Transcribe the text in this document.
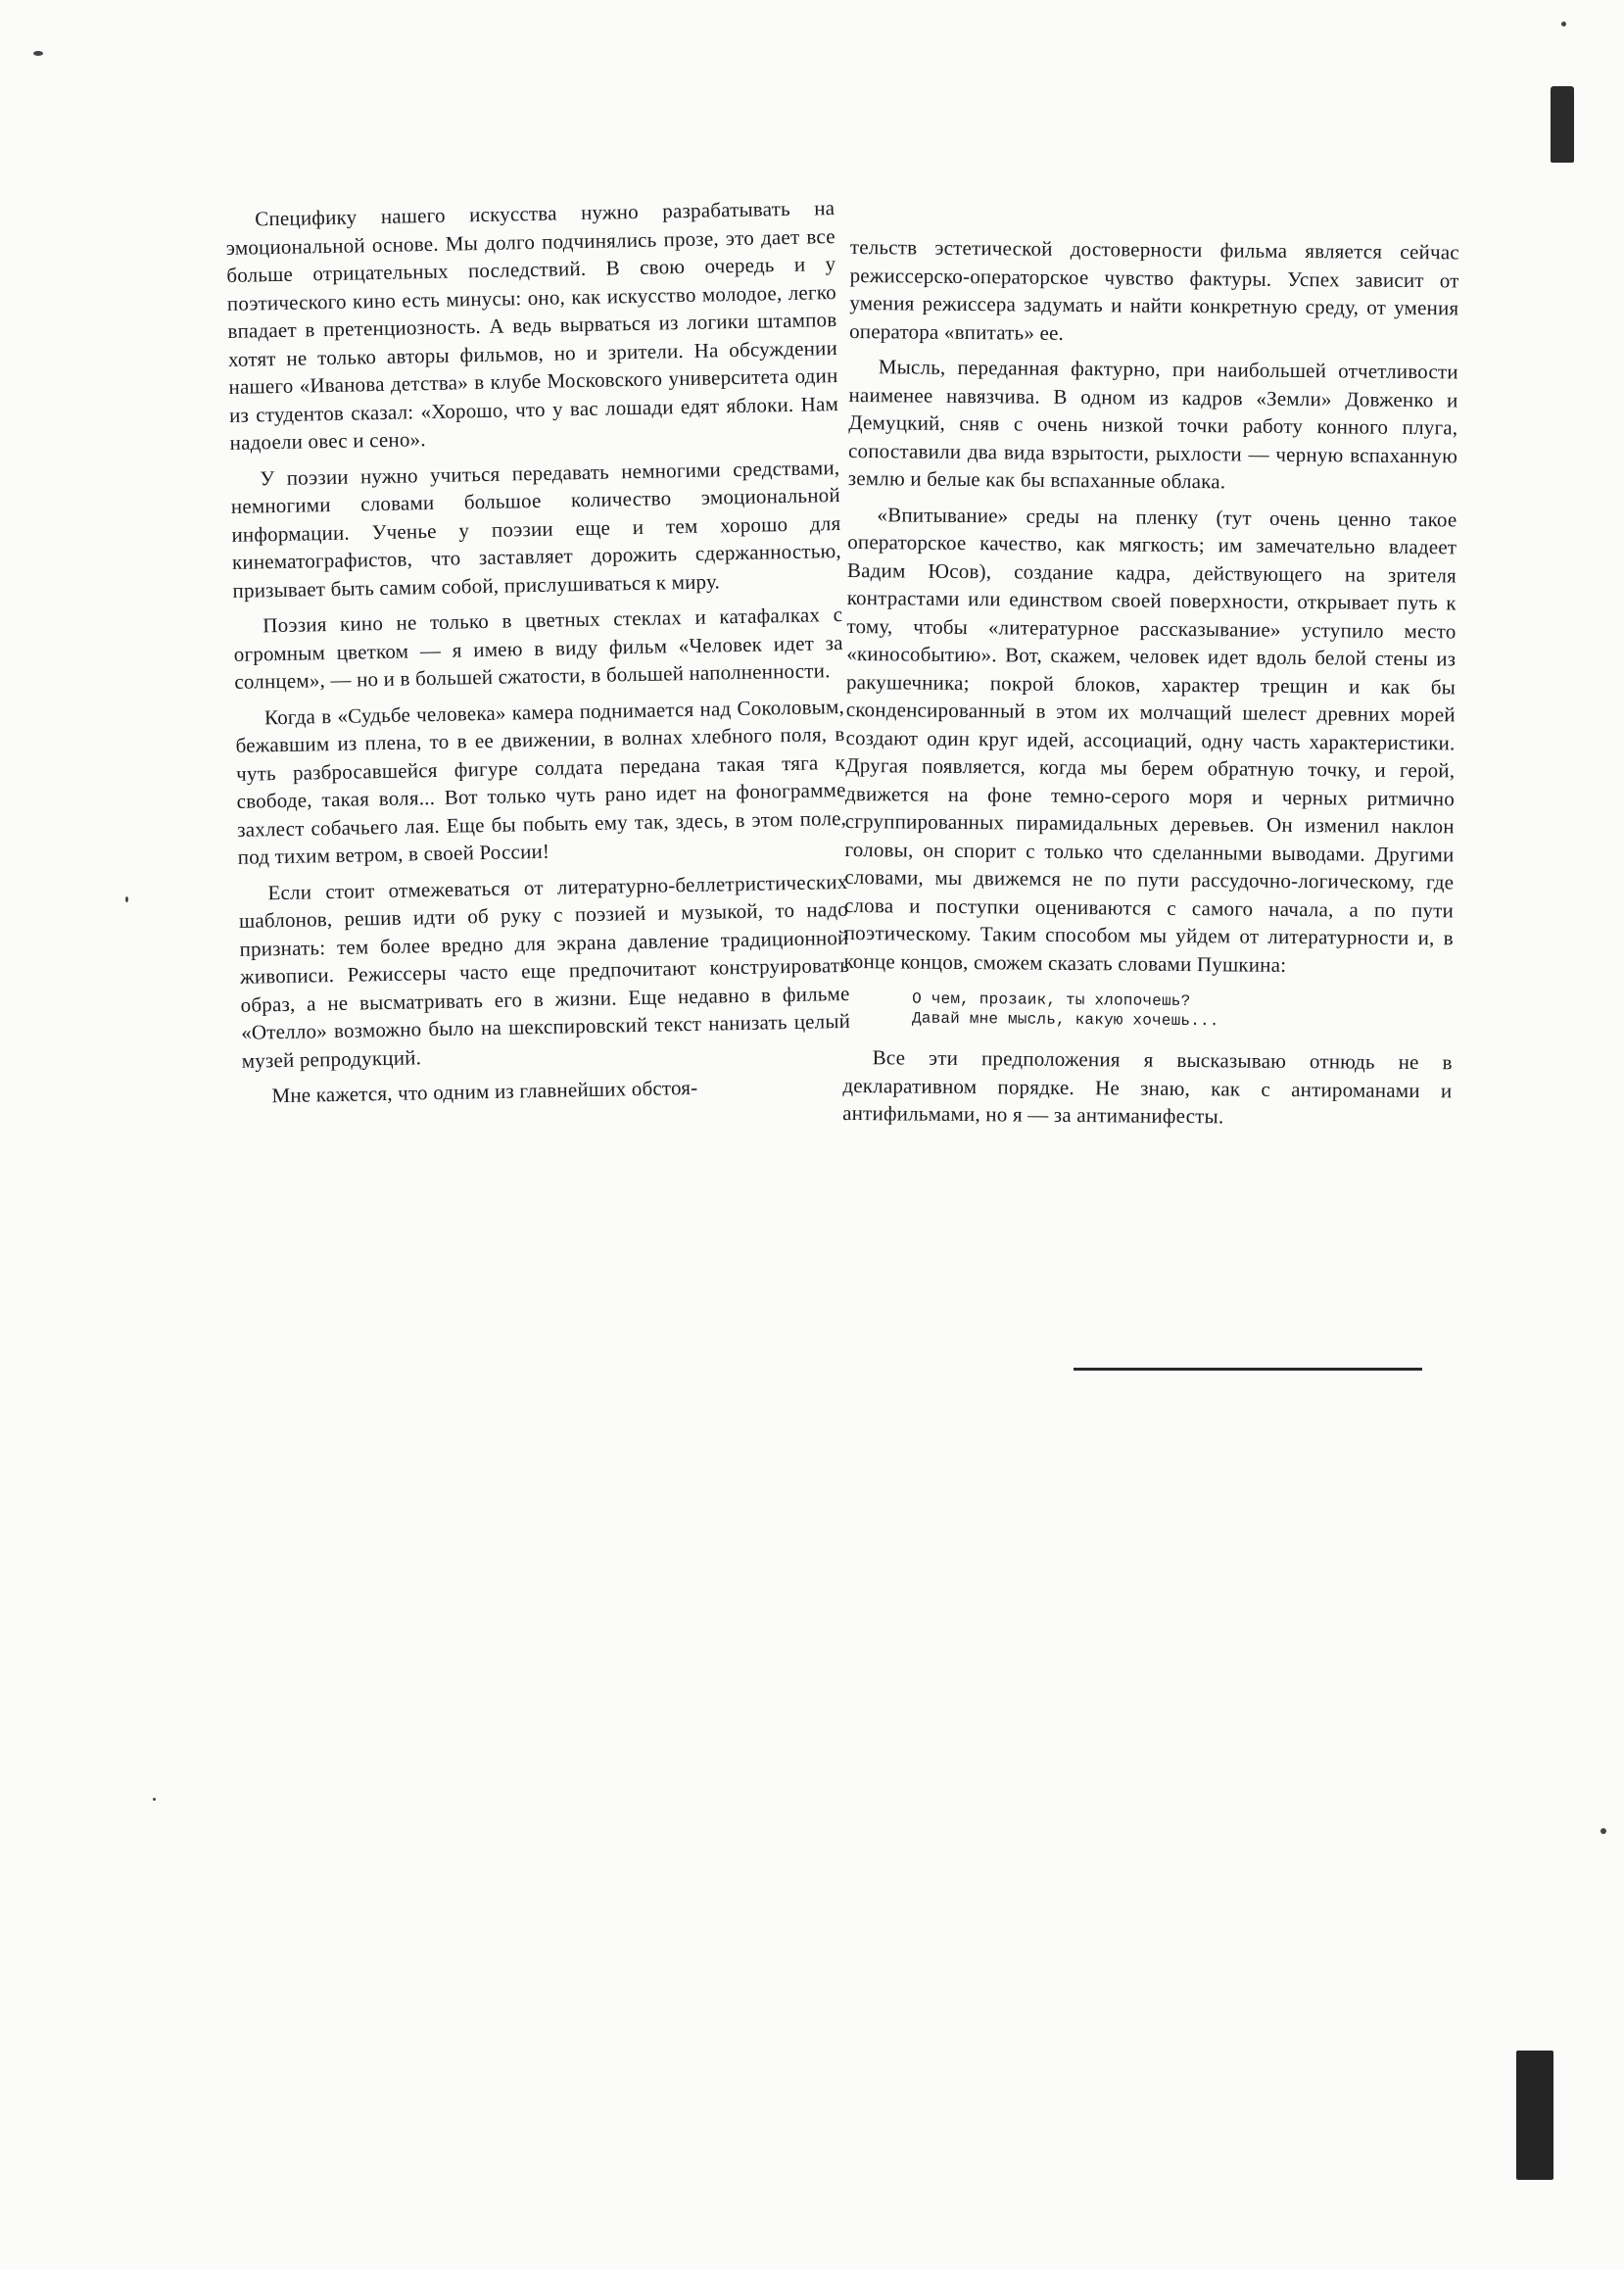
Специфику нашего искусства нужно разрабатывать на эмоциональной основе. Мы долго подчинялись прозе, это дает все больше отрицательных последствий. В свою очередь и у поэтического кино есть минусы: оно, как искусство молодое, легко впадает в претенциозность. А ведь вырваться из логики штампов хотят не только авторы фильмов, но и зрители. На обсуждении нашего «Иванова детства» в клубе Московского университета один из студентов сказал: «Хорошо, что у вас лошади едят яблоки. Нам надоели овес и сено».

У поэзии нужно учиться передавать немногими средствами, немногими словами большое количество эмоциональной информации. Ученье у поэзии еще и тем хорошо для кинематографистов, что заставляет дорожить сдержанностью, призывает быть самим собой, прислушиваться к миру.

Поэзия кино не только в цветных стеклах и катафалках с огромным цветком — я имею в виду фильм «Человек идет за солнцем», — но и в большей сжатости, в большей наполненности.

Когда в «Судьбе человека» камера поднимается над Соколовым, бежавшим из плена, то в ее движении, в волнах хлебного поля, в чуть разбросавшейся фигуре солдата передана такая тяга к свободе, такая воля... Вот только чуть рано идет на фонограмме захлест собачьего лая. Еще бы побыть ему так, здесь, в этом поле, под тихим ветром, в своей России!

Если стоит отмежеваться от литературно-беллетристических шаблонов, решив идти об руку с поэзией и музыкой, то надо признать: тем более вредно для экрана давление традиционной живописи. Режиссеры часто еще предпочитают конструировать образ, а не высматривать его в жизни. Еще недавно в фильме «Отелло» возможно было на шекспировский текст нанизать целый музей репродукций.

Мне кажется, что одним из главнейших обстоя-

тельств эстетической достоверности фильма является сейчас режиссерско-операторское чувство фактуры. Успех зависит от умения режиссера задумать и найти конкретную среду, от умения оператора «впитать» ее.

Мысль, переданная фактурно, при наибольшей отчетливости наименее навязчива. В одном из кадров «Земли» Довженко и Демуцкий, сняв с очень низкой точки работу конного плуга, сопоставили два вида взрытости, рыхлости — черную вспаханную землю и белые как бы вспаханные облака.

«Впитывание» среды на пленку (тут очень ценно такое операторское качество, как мягкость; им замечательно владеет Вадим Юсов), создание кадра, действующего на зрителя контрастами или единством своей поверхности, открывает путь к тому, чтобы «литературное рассказывание» уступило место «кинособытию». Вот, скажем, человек идет вдоль белой стены из ракушечника; покрой блоков, характер трещин и как бы сконденсированный в этом их молчащий шелест древних морей создают один круг идей, ассоциаций, одну часть характеристики. Другая появляется, когда мы берем обратную точку, и герой, движется на фоне темно-серого моря и черных ритмично сгруппированных пирамидальных деревьев. Он изменил наклон головы, он спорит с только что сделанными выводами. Другими словами, мы движемся не по пути рассудочно-логическому, где слова и поступки оцениваются с самого начала, а по пути поэтическому. Таким способом мы уйдем от литературности и, в конце концов, сможем сказать словами Пушкина:

О чем, прозаик, ты хлопочешь?
Давай мне мысль, какую хочешь...

Все эти предположения я высказываю отнюдь не в декларативном порядке. Не знаю, как с антироманами и антифильмами, но я — за антиманифесты.
